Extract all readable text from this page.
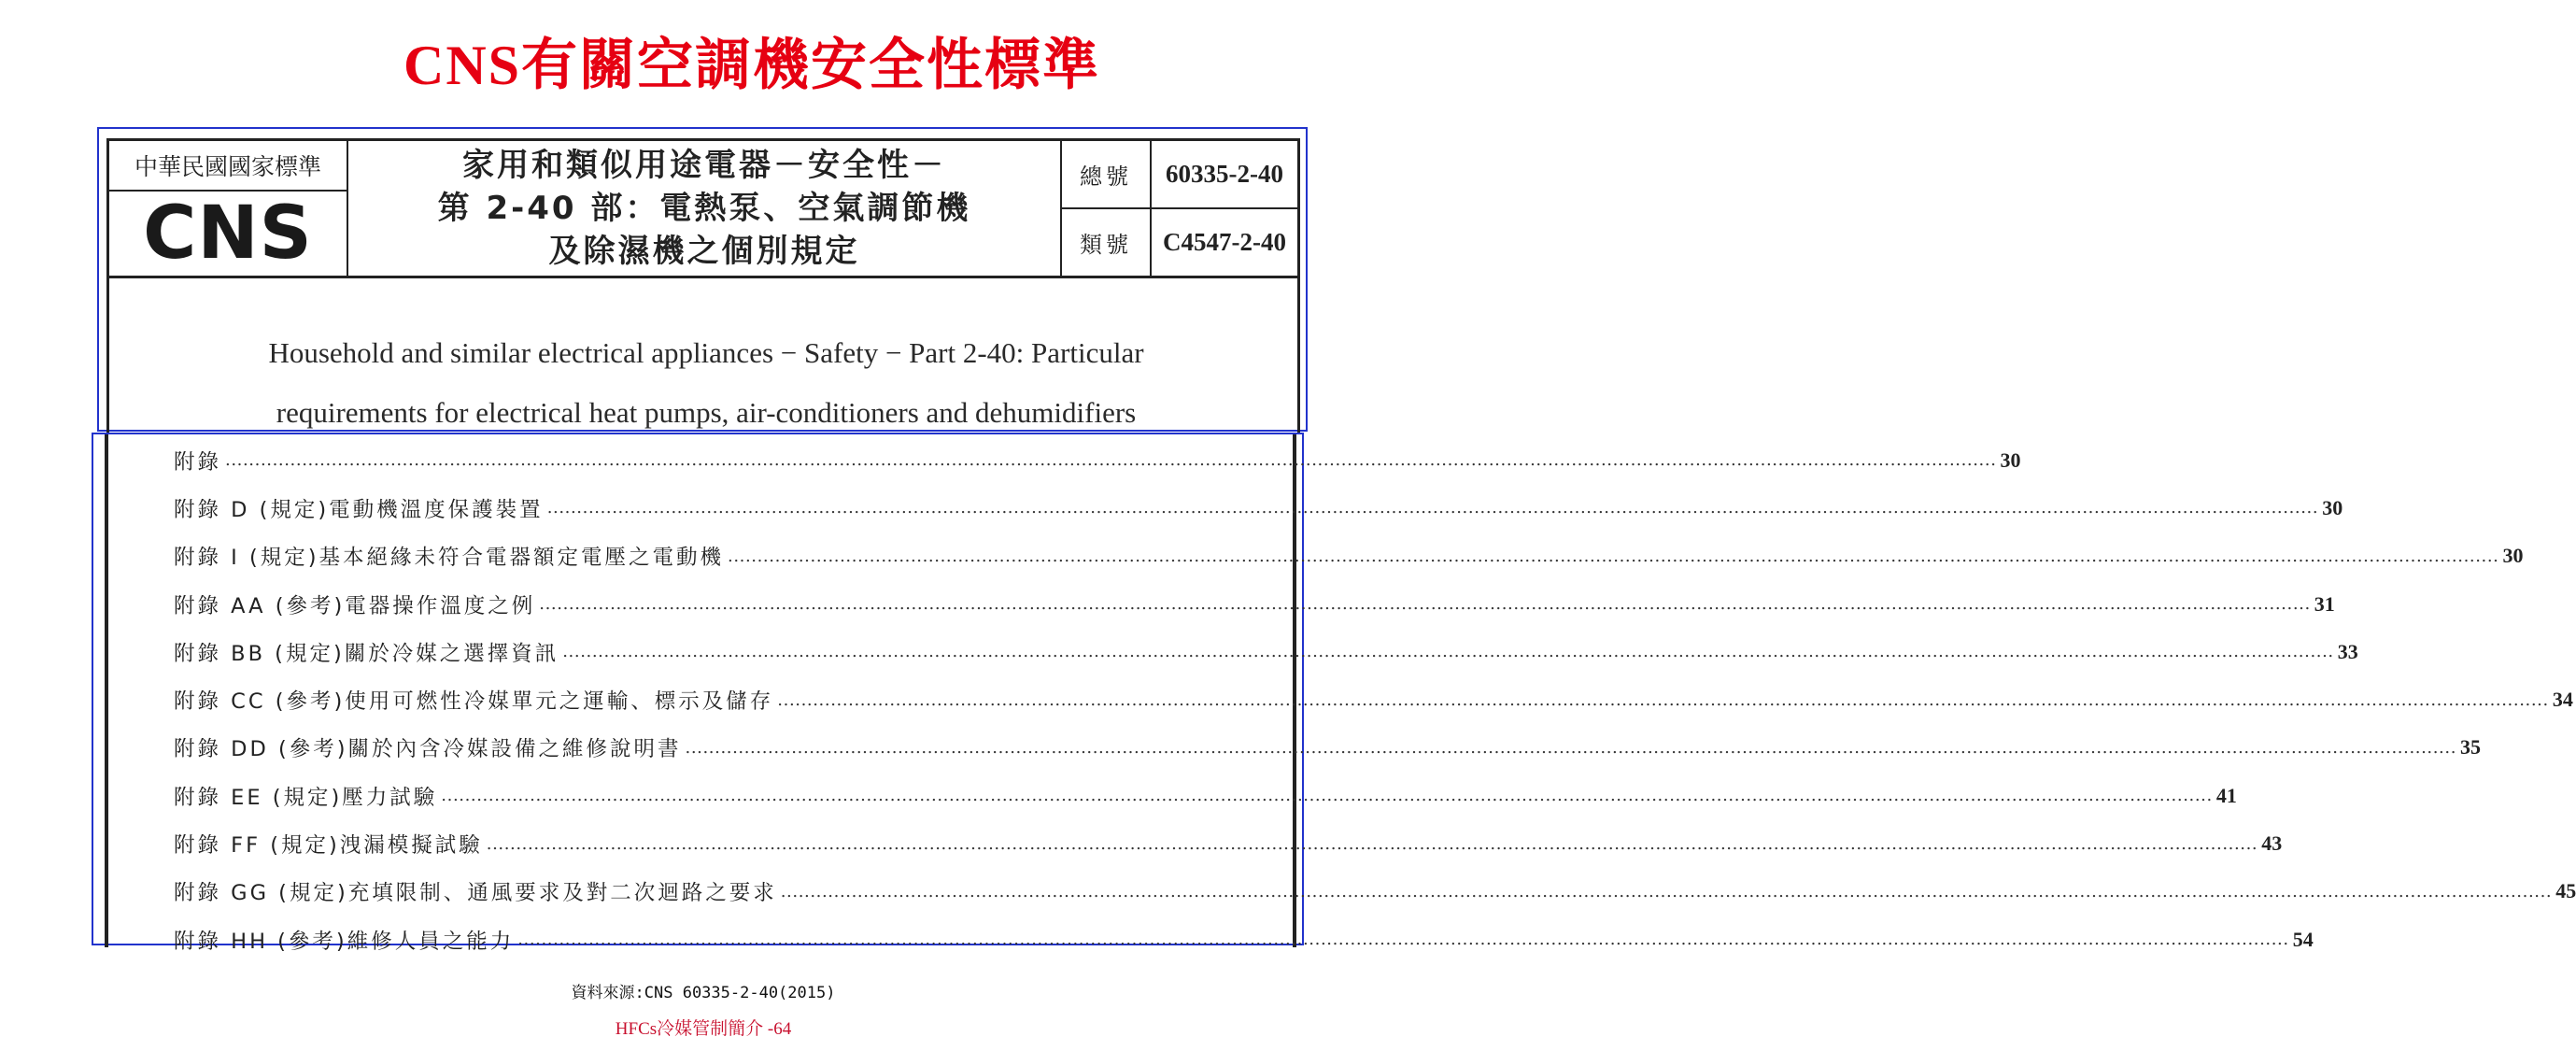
CNS有關空調機安全性標準
中華民國國家標準
CNS
家用和類似用途電器－安全性－
第 2-40 部：電熱泵、空氣調節機
及除濕機之個別規定
總號	60335-2-40
類號	C4547-2-40
Household and similar electrical appliances − Safety − Part 2-40: Particular
requirements for electrical heat pumps, air-conditioners and dehumidifiers
附錄 ............................................................................................................................................................................................................................................................................................................ 30
附錄 D (規定)電動機溫度保護裝置 ............................................................................................................................................................................................................................................................................................................ 30
附錄 I (規定)基本絕緣未符合電器額定電壓之電動機 ............................................................................................................................................................................................................................................................................................................ 30
附錄 AA (參考)電器操作溫度之例 ............................................................................................................................................................................................................................................................................................................ 31
附錄 BB (規定)關於冷媒之選擇資訊 ............................................................................................................................................................................................................................................................................................................ 33
附錄 CC (參考)使用可燃性冷媒單元之運輸、標示及儲存 ............................................................................................................................................................................................................................................................................................................ 34
附錄 DD (參考)關於內含冷媒設備之維修說明書 ............................................................................................................................................................................................................................................................................................................ 35
附錄 EE (規定)壓力試驗 ............................................................................................................................................................................................................................................................................................................ 41
附錄 FF (規定)洩漏模擬試驗 ............................................................................................................................................................................................................................................................................................................ 43
附錄 GG (規定)充填限制、通風要求及對二次迴路之要求 ............................................................................................................................................................................................................................................................................................................ 45
附錄 HH (參考)維修人員之能力 ............................................................................................................................................................................................................................................................................................................ 54
資料來源:CNS 60335-2-40(2015)
HFCs冷媒管制簡介 -64
